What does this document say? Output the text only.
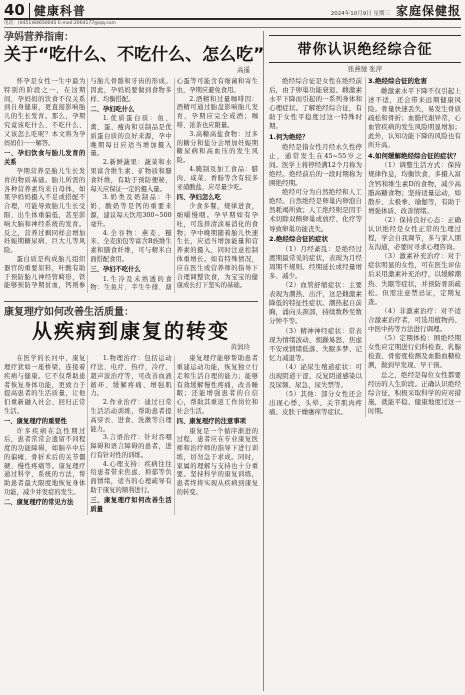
40 健康科普	2024年10月9日 星期三 家庭保健报
电话：(0451)84650045 E-mail:2064177@qq.com
孕妈营养指南：
关于“吃什么、不吃什么、怎么吃”
高遥

怀孕是女性一生中最为特别的阶段之一，在这期间，孕妈妈的饮食不仅关系到自身健康，更直接影响胎儿的生长发育。那么，孕期究竟该吃什么、不吃什么、又该怎么吃呢？本文将为孕妈妈们一一解答。

一、孕妇饮食与胎儿发育的关系

孕期营养是胎儿生长发育的物质基础。胎儿所需的各种营养素均来自母体，如果孕妈妈摄入不足或搭配不合理，可能导致胎儿生长受限、出生体重偏低，甚至影响大脑和神经系统的发育。反之，营养过剩同样会增加妊娠期糖尿病、巨大儿等风险。

蛋白质是构成胎儿组织器官的重要原料，叶酸有助于预防胎儿神经管畸形，铁能够预防孕期贫血，钙则参与胎儿骨骼和牙齿的形成。因此，孕妈妈要做到食物多样、均衡搭配。

二、孕妇吃什么

1.优质蛋白质：鱼、禽、蛋、瘦肉和豆制品是优质蛋白质的良好来源，孕中晚期每日应适当增加摄入量。

2.新鲜蔬果：蔬菜和水果富含维生素、矿物质和膳食纤维，有助于预防便秘，每天应保证一定的摄入量。

3.奶类及奶制品：牛奶、酸奶等是钙的重要来源，建议每天饮用300~500毫升。

4.全谷物：燕麦、糙米、全麦面包等富含B族维生素和膳食纤维，可与精米白面搭配食用。

三、孕妇不吃什么

1.生冷及未熟透的食物：生鱼片、半生牛排、溏心蛋等可能含有细菌和寄生虫，孕期应避免食用。

2.酒精和过量咖啡因：酒精可通过胎盘影响胎儿发育，孕期应完全戒酒；咖啡、浓茶也应限量。

3.高糖高盐食物：过多的糖分和盐分会增加妊娠期糖尿病和高血压的发生风险。

4.腌制及加工食品：腊肉、咸菜、香肠等含有较多亚硝酸盐，应尽量少吃。

四、孕妇怎么吃

少食多餐，规律进食，细嚼慢咽。孕早期如有孕吐，可选择清淡易消化的食物；孕中晚期随着胎儿快速生长，应适当增加能量和营养素的摄入，同时注意控制体重增长。如有特殊情况，应在医生或营养师的指导下合理调整饮食，为宝宝的健康成长打下坚实的基础。

康复理疗如何改善生活质量：
从疾病到康复的转变
黄润玲

在医学的长河中，康复理疗犹如一座桥梁，连接着疾病与健康。它不仅帮助患者恢复身体功能，更致力于提高患者的生活质量，让他们重新融入社会、回归正常生活。

一、康复理疗的重要性

许多疾病在急性期过后，患者常常会遗留不同程度的功能障碍，如脑卒中后的偏瘫、骨折术后的关节僵硬、慢性疼痛等。康复理疗通过科学、系统的方法，帮助患者最大限度地恢复身体功能，减少并发症的发生。

二、康复理疗的常见方法

1.物理治疗：包括运动疗法、电疗、热疗、冷疗、超声波治疗等，可改善血液循环、缓解疼痛、增强肌力。

2.作业治疗：通过日常生活活动训练，帮助患者提高穿衣、进食、洗漱等自理能力。

3.言语治疗：针对吞咽障碍和语言障碍的患者，进行有针对性的训练。

4.心理支持：疾病往往给患者带来焦虑、抑郁等负面情绪，适当的心理疏导有助于康复的顺利进行。

三、康复理疗如何改善生活质量

康复理疗能够帮助患者重建运动功能，恢复独立行走和生活自理的能力；能够有效缓解慢性疼痛，改善睡眠；还能增强患者的自信心，帮助其重返工作岗位和社会生活。

四、康复理疗的注意事项

康复是一个循序渐进的过程，患者应在专业康复医师和治疗师的指导下进行训练，切勿急于求成。同时，家属的理解与支持也十分重要。坚持科学的康复训练，患者终将实现从疾病到康复的转变。

带你认识绝经综合征
张燕驰 张萍

绝经综合征是女性在绝经前后，由于卵巢功能衰退、雌激素水平下降而引起的一系列身体和心理症状。了解绝经综合征，有助于女性平稳度过这一特殊时期。

1.何为绝经？

绝经是指女性月经永久性停止，通常发生在45~55岁之间。医学上将停经满12个月称为绝经。绝经前后的一段时期称为围绝经期。

绝经可分为自然绝经和人工绝经。自然绝经是卵巢内卵泡自然耗竭所致；人工绝经则是因手术切除双侧卵巢或放疗、化疗等导致卵巢功能丧失。

2.绝经综合征的症状

（1）月经紊乱：是绝经过渡期最常见的症状，表现为月经周期不规则、经期延长或经量增多、减少。

（2）血管舒缩症状：主要表现为潮热、出汗，这是雌激素降低的特征性症状。潮热起自前胸，涌向头颈部，持续数秒至数分钟不等。

（3）精神神经症状：常表现为情绪波动、烦躁易怒、焦虑不安或情绪低落、失眠多梦、记忆力减退等。

（4）泌尿生殖道症状：可出现阴道干涩、反复阴道感染以及尿频、尿急、尿失禁等。

（5）其他：部分女性还会出现心悸、头晕、关节肌肉疼痛、皮肤干燥瘙痒等症状。

3.绝经综合征的危害

雌激素水平下降不仅引起上述不适，还会带来远期健康风险。骨量快速丢失，易发生骨质疏松和骨折；血脂代谢异常，心血管疾病的发生风险明显增加；此外，认知功能下降的风险也有所升高。

4.如何缓解绝经综合征的症状？

（1）调整生活方式：保持规律作息，均衡饮食，多摄入富含钙和维生素D的食物，减少高脂高糖食物；坚持适量运动，如散步、太极拳、瑜伽等，有助于增强体质、改善情绪。

（2）保持良好心态：正确认识绝经是女性正常的生理过程，学会自我调节，多与家人朋友沟通，必要时寻求心理咨询。

（3）激素补充治疗：对于症状明显的女性，可在医生评估后采用激素补充治疗，以缓解潮热、失眠等症状，并预防骨质疏松。但需注意禁忌证，定期复查。

（4）非激素治疗：对不适合激素治疗者，可选用植物药、中医中药等方法进行调理。

（5）定期体检：围绝经期女性应定期进行妇科检查、乳腺检查、骨密度检测及血脂血糖检测，做到早发现、早干预。

总之，绝经是每位女性都要经历的人生阶段。正确认识绝经综合征，积极采取科学的应对措施，就能平稳、健康地度过这一时期。
